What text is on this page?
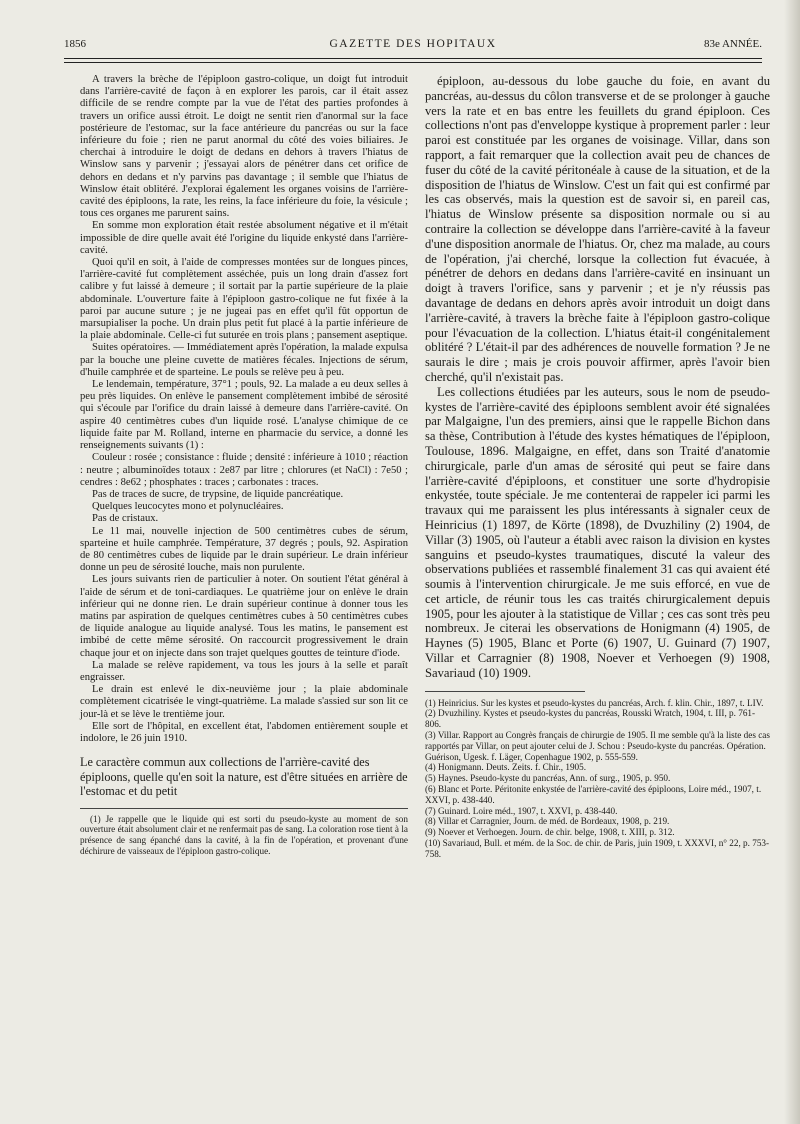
1856	GAZETTE DES HOPITAUX	83e ANNÉE.

A travers la brèche de l'épiploon gastro-colique, un doigt fut introduit dans l'arrière-cavité de façon à en explorer les parois, car il était assez difficile de se rendre compte par la vue de l'état des parties profondes à travers un orifice aussi étroit. Le doigt ne sentit rien d'anormal sur la face postérieure de l'estomac, sur la face antérieure du pancréas ou sur la face inférieure du foie ; rien ne parut anormal du côté des voies biliaires. Je cherchai à introduire le doigt de dedans en dehors à travers l'hiatus de Winslow sans y parvenir ; j'essayai alors de pénétrer dans cet orifice de dehors en dedans et n'y parvins pas davantage ; il semble que l'hiatus de Winslow était oblitéré. J'explorai également les organes voisins de l'arrière-cavité des épiploons, la rate, les reins, la face inférieure du foie, la vésicule ; tous ces organes me parurent sains.

En somme mon exploration était restée absolument négative et il m'était impossible de dire quelle avait été l'origine du liquide enkysté dans l'arrière-cavité.

Quoi qu'il en soit, à l'aide de compresses montées sur de longues pinces, l'arrière-cavité fut complètement asséchée, puis un long drain d'assez fort calibre y fut laissé à demeure ; il sortait par la partie supérieure de la plaie abdominale. L'ouverture faite à l'épiploon gastro-colique ne fut fixée à la paroi par aucune suture ; je ne jugeai pas en effet qu'il fût opportun de marsupialiser la poche. Un drain plus petit fut placé à la partie inférieure de la plaie abdominale. Celle-ci fut suturée en trois plans ; pansement aseptique.

Suites opératoires. — Immédiatement après l'opération, la malade expulsa par la bouche une pleine cuvette de matières fécales. Injections de sérum, d'huile camphrée et de sparteine. Le pouls se relève peu à peu.

Le lendemain, température, 37°1 ; pouls, 92. La malade a eu deux selles à peu près liquides. On enlève le pansement complètement imbibé de sérosité qui s'écoule par l'orifice du drain laissé à demeure dans l'arrière-cavité. On aspire 40 centimètres cubes d'un liquide rosé. L'analyse chimique de ce liquide faite par M. Rolland, interne en pharmacie du service, a donné les renseignements suivants (1) :

Couleur : rosée ; consistance : fluide ; densité : inférieure à 1010 ; réaction : neutre ; albuminoïdes totaux : 2e87 par litre ; chlorures (et NaCl) : 7e50 ; cendres : 8e62 ; phosphates : traces ; carbonates : traces.

Pas de traces de sucre, de trypsine, de liquide pancréatique.

Quelques leucocytes mono et polynucléaires.

Pas de cristaux.

Le 11 mai, nouvelle injection de 500 centimètres cubes de sérum, sparteine et huile camphrée. Température, 37 degrés ; pouls, 92. Aspiration de 80 centimètres cubes de liquide par le drain supérieur. Le drain inférieur donne un peu de sérosité louche, mais non purulente.

Les jours suivants rien de particulier à noter. On soutient l'état général à l'aide de sérum et de toni-cardiaques. Le quatrième jour on enlève le drain inférieur qui ne donne rien. Le drain supérieur continue à donner tous les matins par aspiration de quelques centimètres cubes à 50 centimètres cubes de liquide analogue au liquide analysé. Tous les matins, le pansement est imbibé de cette même sérosité. On raccourcit progressivement le drain chaque jour et on injecte dans son trajet quelques gouttes de teinture d'iode.

La malade se relève rapidement, va tous les jours à la selle et paraît engraisser.

Le drain est enlevé le dix-neuvième jour ; la plaie abdominale complètement cicatrisée le vingt-quatrième. La malade s'assied sur son lit ce jour-là et se lève le trentième jour.

Elle sort de l'hôpital, en excellent état, l'abdomen entièrement souple et indolore, le 26 juin 1910.

Le caractère commun aux collections de l'arrière-cavité des épiploons, quelle qu'en soit la nature, est d'être situées en arrière de l'estomac et du petit

(1) Je rappelle que le liquide qui est sorti du pseudo-kyste au moment de son ouverture était absolument clair et ne renfermait pas de sang. La coloration rose tient à la présence de sang épanché dans la cavité, à la fin de l'opération, et provenant d'une déchirure de vaisseaux de l'épiploon gastro-colique.

épiploon, au-dessous du lobe gauche du foie, en avant du pancréas, au-dessus du côlon transverse et de se prolonger à gauche vers la rate et en bas entre les feuillets du grand épiploon. Ces collections n'ont pas d'enveloppe kystique à proprement parler : leur paroi est constituée par les organes de voisinage. Villar, dans son rapport, a fait remarquer que la collection avait peu de chances de fuser du côté de la cavité péritonéale à cause de la situation, et de la disposition de l'hiatus de Winslow. C'est un fait qui est confirmé par les cas observés, mais la question est de savoir si, en pareil cas, l'hiatus de Winslow présente sa disposition normale ou si au contraire la collection se développe dans l'arrière-cavité à la faveur d'une disposition anormale de l'hiatus. Or, chez ma malade, au cours de l'opération, j'ai cherché, lorsque la collection fut évacuée, à pénétrer de dehors en dedans dans l'arrière-cavité en insinuant un doigt à travers l'orifice, sans y parvenir ; et je n'y réussis pas davantage de dedans en dehors après avoir introduit un doigt dans l'arrière-cavité, à travers la brèche faite à l'épiploon gastro-colique pour l'évacuation de la collection. L'hiatus était-il congénitalement oblitéré ? L'était-il par des adhérences de nouvelle formation ? Je ne saurais le dire ; mais je crois pouvoir affirmer, après l'avoir bien cherché, qu'il n'existait pas.

Les collections étudiées par les auteurs, sous le nom de pseudo-kystes de l'arrière-cavité des épiploons semblent avoir été signalées par Malgaigne, l'un des premiers, ainsi que le rappelle Bichon dans sa thèse, Contribution à l'étude des kystes hématiques de l'épiploon, Toulouse, 1896. Malgaigne, en effet, dans son Traité d'anatomie chirurgicale, parle d'un amas de sérosité qui peut se faire dans l'arrière-cavité d'épiploons, et constituer une sorte d'hydropisie enkystée, toute spéciale. Je me contenterai de rappeler ici parmi les travaux qui me paraissent les plus intéressants à signaler ceux de Heinricius (1) 1897, de Körte (1898), de Dvuzhiliny (2) 1904, de Villar (3) 1905, où l'auteur a établi avec raison la division en kystes sanguins et pseudo-kystes traumatiques, discuté la valeur des observations publiées et rassemblé finalement 31 cas qui avaient été soumis à l'intervention chirurgicale. Je me suis efforcé, en vue de cet article, de réunir tous les cas traités chirurgicalement depuis 1905, pour les ajouter à la statistique de Villar ; ces cas sont très peu nombreux. Je citerai les observations de Honigmann (4) 1905, de Haynes (5) 1905, Blanc et Porte (6) 1907, U. Guinard (7) 1907, Villar et Carragnier (8) 1908, Noever et Verhoegen (9) 1908, Savariaud (10) 1909.

(1) Heinricius. Sur les kystes et pseudo-kystes du pancréas, Arch. f. klin. Chir., 1897, t. LIV.

(2) Dvuzhiliny. Kystes et pseudo-kystes du pancréas, Rousski Wratch, 1904, t. III, p. 761-806.

(3) Villar. Rapport au Congrès français de chirurgie de 1905. Il me semble qu'à la liste des cas rapportés par Villar, on peut ajouter celui de J. Schou : Pseudo-kyste du pancréas. Opération. Guérison, Ugesk. f. Läger, Copenhague 1902, p. 555-559.

(4) Honigmann. Deuts. Zeits. f. Chir., 1905.

(5) Haynes. Pseudo-kyste du pancréas, Ann. of surg., 1905, p. 950.

(6) Blanc et Porte. Péritonite enkystée de l'arrière-cavité des épiploons, Loire méd., 1907, t. XXVI, p. 438-440.

(7) Guinard. Loire méd., 1907, t. XXVI, p. 438-440.

(8) Villar et Carragnier, Journ. de méd. de Bordeaux, 1908, p. 219.

(9) Noever et Verhoegen. Journ. de chir. belge, 1908, t. XIII, p. 312.

(10) Savariaud, Bull. et mém. de la Soc. de chir. de Paris, juin 1909, t. XXXVI, n° 22, p. 753-758.
